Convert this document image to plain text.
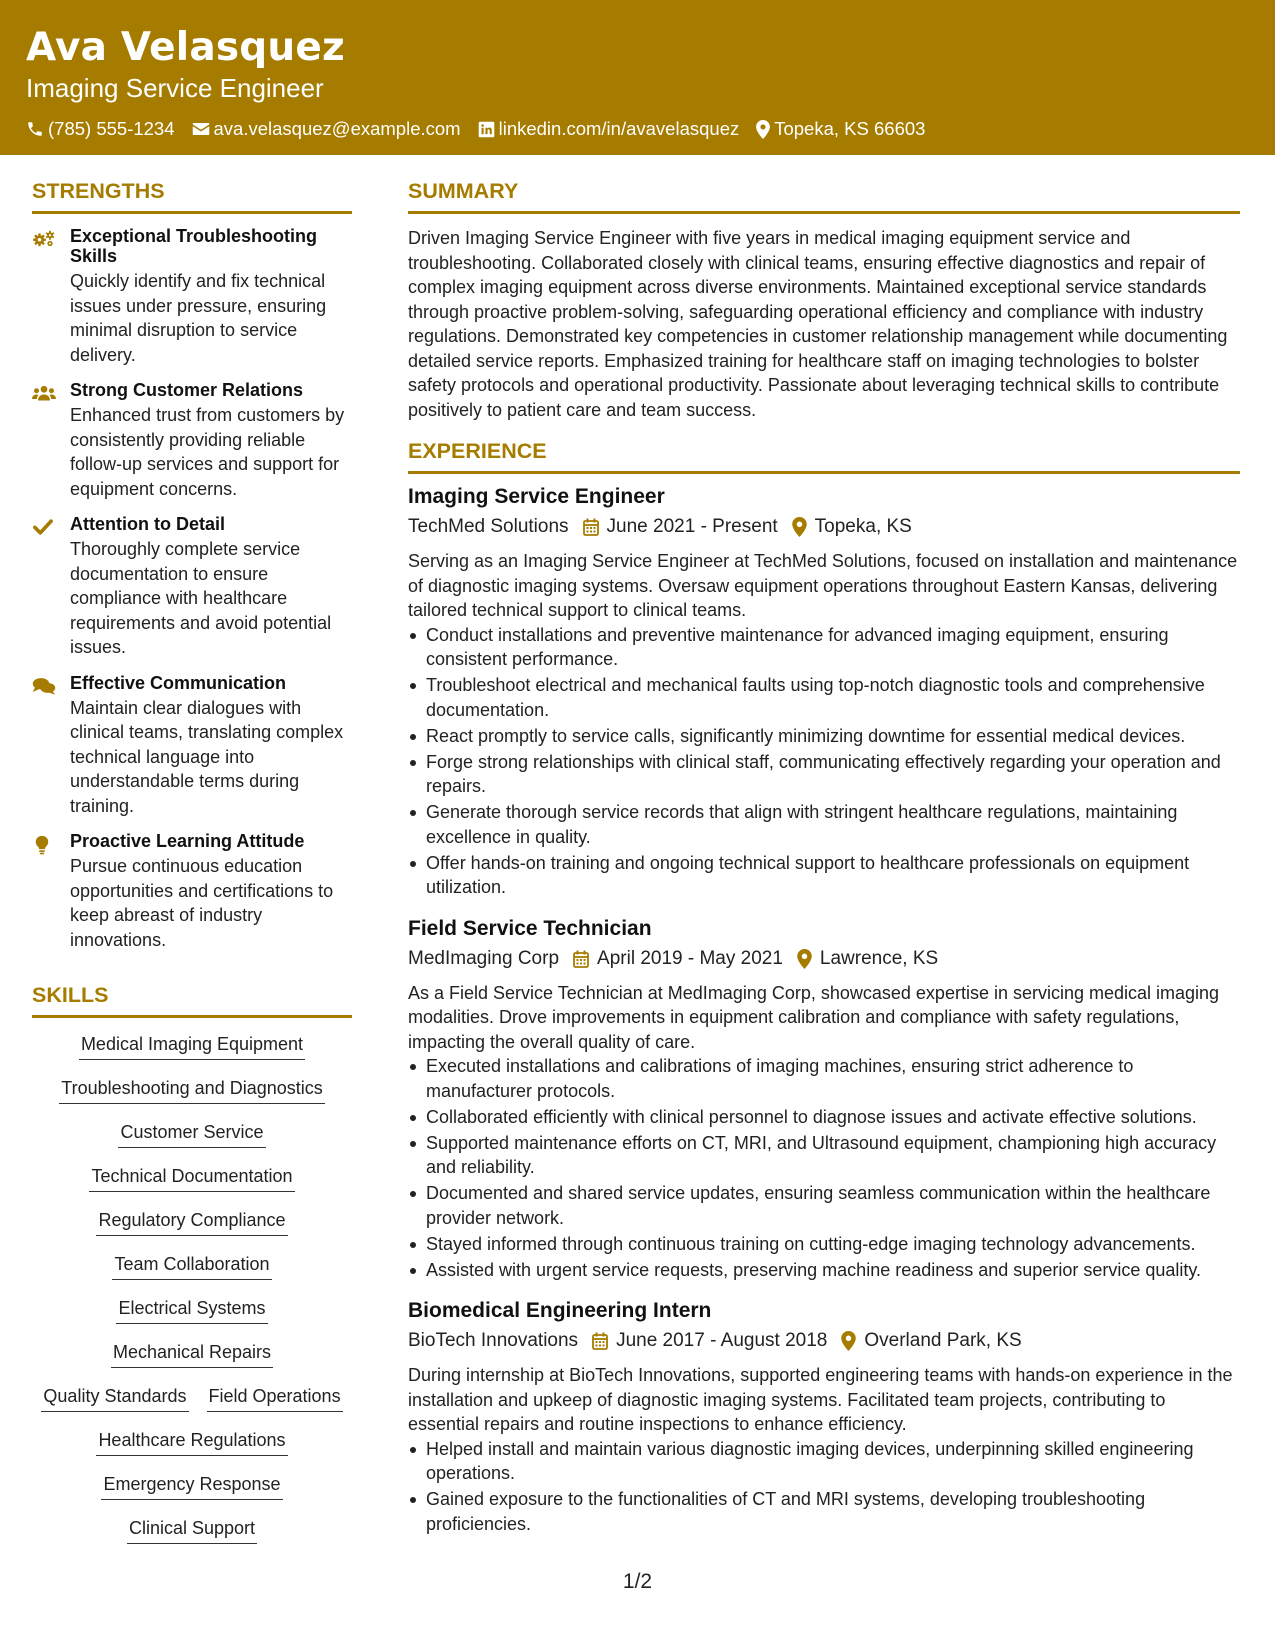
Ava Velasquez
Imaging Service Engineer
(785) 555-1234 ava.velasquez@example.com linkedin.com/in/avavelasquez Topeka, KS 66603
STRENGTHS
Exceptional Troubleshooting Skills
Quickly identify and fix technical issues under pressure, ensuring minimal disruption to service delivery.
Strong Customer Relations
Enhanced trust from customers by consistently providing reliable follow-up services and support for equipment concerns.
Attention to Detail
Thoroughly complete service documentation to ensure compliance with healthcare requirements and avoid potential issues.
Effective Communication
Maintain clear dialogues with clinical teams, translating complex technical language into understandable terms during training.
Proactive Learning Attitude
Pursue continuous education opportunities and certifications to keep abreast of industry innovations.
SKILLS
Medical Imaging Equipment
Troubleshooting and Diagnostics
Customer Service
Technical Documentation
Regulatory Compliance
Team Collaboration
Electrical Systems
Mechanical Repairs
Quality Standards Field Operations
Healthcare Regulations
Emergency Response
Clinical Support
SUMMARY
Driven Imaging Service Engineer with five years in medical imaging equipment service and troubleshooting. Collaborated closely with clinical teams, ensuring effective diagnostics and repair of complex imaging equipment across diverse environments. Maintained exceptional service standards through proactive problem-solving, safeguarding operational efficiency and compliance with industry regulations. Demonstrated key competencies in customer relationship management while documenting detailed service reports. Emphasized training for healthcare staff on imaging technologies to bolster safety protocols and operational productivity. Passionate about leveraging technical skills to contribute positively to patient care and team success.
EXPERIENCE
Imaging Service Engineer
TechMed Solutions June 2021 - Present Topeka, KS
Serving as an Imaging Service Engineer at TechMed Solutions, focused on installation and maintenance of diagnostic imaging systems. Oversaw equipment operations throughout Eastern Kansas, delivering tailored technical support to clinical teams.
Conduct installations and preventive maintenance for advanced imaging equipment, ensuring consistent performance.
Troubleshoot electrical and mechanical faults using top-notch diagnostic tools and comprehensive documentation.
React promptly to service calls, significantly minimizing downtime for essential medical devices.
Forge strong relationships with clinical staff, communicating effectively regarding your operation and repairs.
Generate thorough service records that align with stringent healthcare regulations, maintaining excellence in quality.
Offer hands-on training and ongoing technical support to healthcare professionals on equipment utilization.
Field Service Technician
MedImaging Corp April 2019 - May 2021 Lawrence, KS
As a Field Service Technician at MedImaging Corp, showcased expertise in servicing medical imaging modalities. Drove improvements in equipment calibration and compliance with safety regulations, impacting the overall quality of care.
Executed installations and calibrations of imaging machines, ensuring strict adherence to manufacturer protocols.
Collaborated efficiently with clinical personnel to diagnose issues and activate effective solutions.
Supported maintenance efforts on CT, MRI, and Ultrasound equipment, championing high accuracy and reliability.
Documented and shared service updates, ensuring seamless communication within the healthcare provider network.
Stayed informed through continuous training on cutting-edge imaging technology advancements.
Assisted with urgent service requests, preserving machine readiness and superior service quality.
Biomedical Engineering Intern
BioTech Innovations June 2017 - August 2018 Overland Park, KS
During internship at BioTech Innovations, supported engineering teams with hands-on experience in the installation and upkeep of diagnostic imaging systems. Facilitated team projects, contributing to essential repairs and routine inspections to enhance efficiency.
Helped install and maintain various diagnostic imaging devices, underpinning skilled engineering operations.
Gained exposure to the functionalities of CT and MRI systems, developing troubleshooting proficiencies.
1/2
